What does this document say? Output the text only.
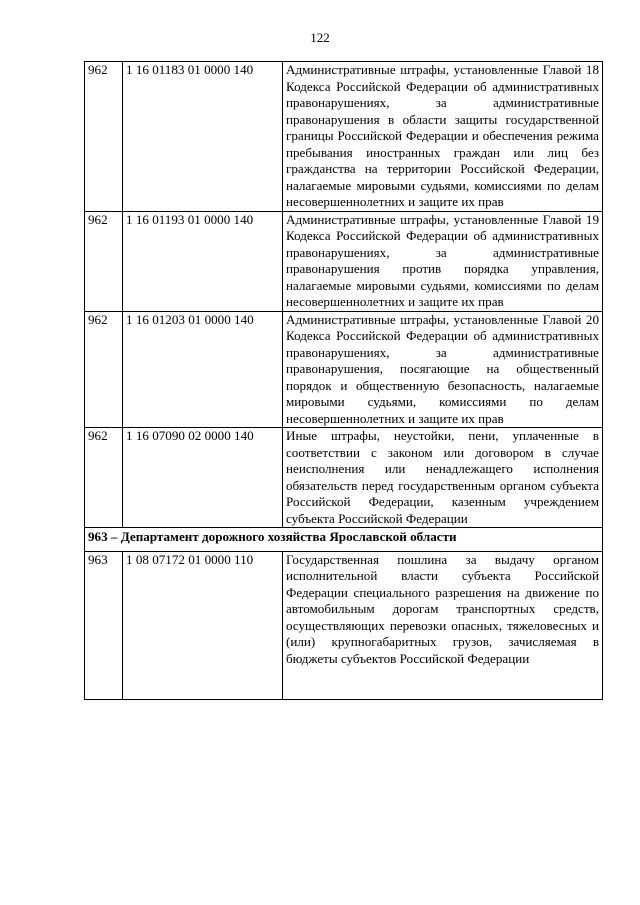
122
962	1 16 01183 01 0000 140	Административные штрафы, установленные Главой 18 Кодекса Российской Федерации об административных правонарушениях, за административные правонарушения в области защиты государственной границы Российской Федерации и обеспечения режима пребывания иностранных граждан или лиц без гражданства на территории Российской Федерации, налагаемые мировыми судьями, комиссиями по делам несовершеннолетних и защите их прав
962	1 16 01193 01 0000 140	Административные штрафы, установленные Главой 19 Кодекса Российской Федерации об административных правонарушениях, за административные правонарушения против порядка управления, налагаемые мировыми судьями, комиссиями по делам несовершеннолетних и защите их прав
962	1 16 01203 01 0000 140	Административные штрафы, установленные Главой 20 Кодекса Российской Федерации об административных правонарушениях, за административные правонарушения, посягающие на общественный порядок и общественную безопасность, налагаемые мировыми судьями, комиссиями по делам несовершеннолетних и защите их прав
962	1 16 07090 02 0000 140	Иные штрафы, неустойки, пени, уплаченные в соответствии с законом или договором в случае неисполнения или ненадлежащего исполнения обязательств перед государственным органом субъекта Российской Федерации, казенным учреждением субъекта Российской Федерации
963 – Департамент дорожного хозяйства Ярославской области		
963	1 08 07172 01 0000 110	Государственная пошлина за выдачу органом исполнительной власти субъекта Российской Федерации специального разрешения на движение по автомобильным дорогам транспортных средств, осуществляющих перевозки опасных, тяжеловесных и (или) крупногабаритных грузов, зачисляемая в бюджеты субъектов Российской Федерации
